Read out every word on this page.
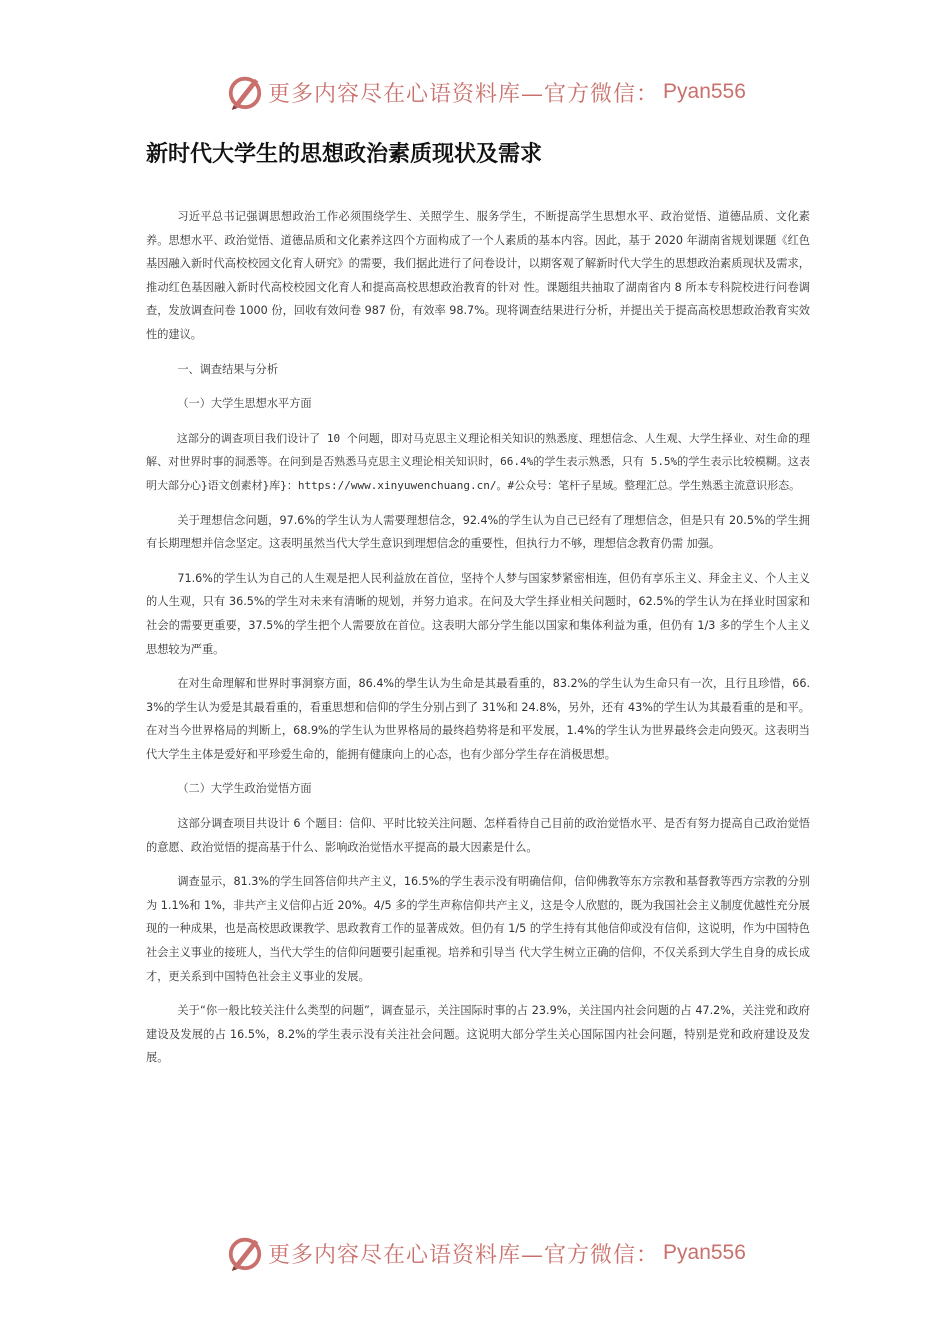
更多内容尽在心语资料库—官方微信： Pyan556
新时代大学生的思想政治素质现状及需求

习近平总书记强调思想政治工作必须围绕学生、关照学生、服务学生，不断提高学生思想水平、政治觉悟、道德品质、文化素养。思想水平、政治觉悟、道德品质和文化素养这四个方面构成了一个人素质的基本内容。因此，基于 2020 年湖南省规划课题《红色基因融入新时代高校校园文化育人研究》的需要，我们据此进行了问卷设计，以期客观了解新时代大学生的思想政治素质现状及需求，推动红色基因融入新时代高校校园文化育人和提高高校思想政治教育的针对 性。课题组共抽取了湖南省内 8 所本专科院校进行问卷调查，发放调查问卷 1000 份，回收有效问卷 987 份，有效率 98.7%。现将调查结果进行分析，并提出关于提高高校思想政治教育实效性的建议。

一、调查结果与分析

（一）大学生思想水平方面

这部分的调查项目我们设计了 10 个问题，即对马克思主义理论相关知识的熟悉度、理想信念、人生观、大学生择业、对生命的理解、对世界时事的洞悉等。在问到是否熟悉马克思主义理论相关知识时，66.4%的学生表示熟悉，只有 5.5%的学生表示比较模糊。这表明大部分心}语文创素材}库}：https://www.xinyuwenchuang.cn/。#公众号：笔杆子星域。整理汇总。学生熟悉主流意识形态。

关于理想信念问题，97.6%的学生认为人需要理想信念，92.4%的学生认为自己已经有了理想信念，但是只有 20.5%的学生拥有长期理想并信念坚定。这表明虽然当代大学生意识到理想信念的重要性，但执行力不够，理想信念教育仍需 加强。

71.6%的学生认为自己的人生观是把人民利益放在首位，坚持个人梦与国家梦紧密相连，但仍有享乐主义、拜金主义、个人主义的人生观，只有 36.5%的学生对未来有清晰的规划，并努力追求。在问及大学生择业相关问题时，62.5%的学生认为在择业时国家和社会的需要更重要，37.5%的学生把个人需要放在首位。这表明大部分学生能以国家和集体利益为重，但仍有 1/3 多的学生个人主义思想较为严重。

在对生命理解和世界时事洞察方面，86.4%的學生认为生命是其最看重的，83.2%的学生认为生命只有一次，且行且珍惜，66.3%的学生认为爱是其最看重的，看重思想和信仰的学生分别占到了 31%和 24.8%，另外，还有 43%的学生认为其最看重的是和平。在对当今世界格局的判断上，68.9%的学生认为世界格局的最终趋势将是和平发展，1.4%的学生认为世界最终会走向毁灭。这表明当代大学生主体是爱好和平珍爱生命的，能拥有健康向上的心态，也有少部分学生存在消极思想。

（二）大学生政治觉悟方面

这部分调查项目共设计 6 个题目：信仰、平时比较关注问题、怎样看待自己目前的政治觉悟水平、是否有努力提高自己政治觉悟的意愿、政治觉悟的提高基于什么、影响政治觉悟水平提高的最大因素是什么。

调查显示，81.3%的学生回答信仰共产主义，16.5%的学生表示没有明确信仰，信仰佛教等东方宗教和基督教等西方宗教的分别为 1.1%和 1%，非共产主义信仰占近 20%。4/5 多的学生声称信仰共产主义，这是令人欣慰的，既为我国社会主义制度优越性充分展现的一种成果，也是高校思政课教学、思政教育工作的显著成效。但仍有 1/5 的学生持有其他信仰或没有信仰，这说明，作为中国特色社会主义事业的接班人，当代大学生的信仰问题要引起重视。培养和引导当 代大学生树立正确的信仰，不仅关系到大学生自身的成长成才，更关系到中国特色社会主义事业的发展。

关于“你一般比较关注什么类型的问题”，调查显示，关注国际时事的占 23.9%，关注国内社会问题的占 47.2%，关注党和政府建设及发展的占 16.5%，8.2%的学生表示没有关注社会问题。这说明大部分学生关心国际国内社会问题，特别是党和政府建设及发展。

更多内容尽在心语资料库—官方微信： Pyan556
